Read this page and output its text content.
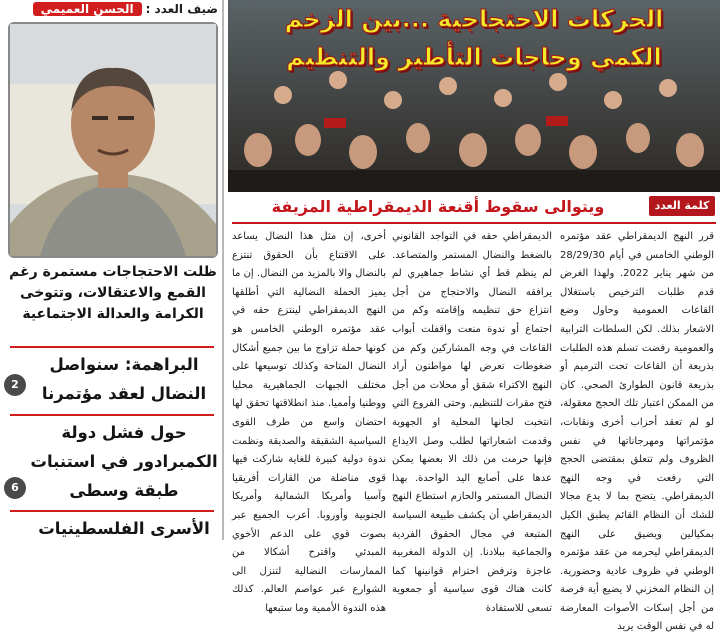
ضيف العدد :الحسن العميمي
ظلت الاحتجاجات مستمرة رغم القمع والاعتقالات، وتتوخى الكرامة والعدالة الاجتماعية
البراهمة: سنواصل النضال لعقد مؤتمرنا
2
حول فشل دولة الكمبرادور في استنبات طبقة وسطى
6
الأسرى الفلسطينيات
الحركات الاحتجاجية ...بين الزخم
الكمي وحاجات التأطير والتنظيم
كلمة العدد
ويتوالى سقوط أقنعة الديمقراطية المزيفة

قرر النهج الديمقراطي عقد مؤتمره الوطني الخامس في أيام 28/29/30 من شهر يناير 2022. ولهذا الغرض قدم طلبات الترخيص باستغلال القاعات العمومية وحاول وضع الاشعار بذلك. لكن السلطات الترابية والعمومية رفضت تسلم هذه الطلبات بذريعة أن القاعات تحت الترميم أو بذريعة قانون الطوارئ الصحي. كان من الممكن اعتبار تلك الحجج معقولة، لو لم تعقد أحزاب أخرى ونقابات، مؤتمراتها ومهرجاناتها في نفس الظروف ولم تتعلق بمقتضى الحجج التي رفعت في وجه النهج الديمقراطي. يتضح بما لا يدع مجالا للشك أن النظام القائم يطبق الكيل بمكيالين ويضيق على النهج الديمقراطي ليحرمه من عقد مؤتمره الوطني في ظروف عادية وحضورية. إن النظام المخزني لا يضيع أية فرصة من أجل إسكات الأصوات المعارضة له في نفس الوقت يريد

الديمقراطي حقه في التواجد القانوني بالضغط والنضال المستمر والمتصاعد. لم ينظم قط أي نشاط جماهيري لم يرافقه النضال والاحتجاج من أجل انتزاع حق تنظيمه وإقامته وكم من اجتماع أو ندوة منعت واقفلت أبواب القاعات في وجه المشاركين وكم من ضغوطات تعرض لها مواطنون أراد النهج الاكتراء شقق أو محلات من أجل فتح مقرات للتنظيم. وحتى الفروع التي انتخبت لجانها المحلية او الجهوية وقدمت اشعاراتها لطلب وصل الايداع فإنها حرمت من ذلك الا بعضها يمكن عدها على أصابع اليد الواحدة. بهذا النضال المستمر والحازم استطاع النهج الديمقراطي أن يكشف طبيعة السياسة المتبعة في مجال الحقوق الفردية والجماعية ببلادنا. إن الدولة المغربية عاجزة وترفض احترام قوانينها كما كانت هناك قوى سياسية أو جمعوية تسعى للاستفادة

أخرى، إن مثل هذا النضال يساعد على الاقتناع بأن الحقوق تنتزع بالنضال والا بالمزيد من النضال. إن ما يميز الحملة النضالية التي أطلقها النهج الديمقراطي لينتزع حقه في عقد مؤتمره الوطني الخامس هو كونها حملة تزاوج ما بين جميع أشكال النضال المتاحة وكذلك توسيعها على مختلف الجبهات الجماهيرية محليا ووطنيا وأمميا. منذ انطلاقتها تحقق لها احتضان واسع من طرف القوى السياسية الشقيقة والصديقة ونظمت ندوة دولية كبيرة للغاية شاركت فيها قوى مناضلة من القارات أفريقيا وآسيا وأمريكا الشمالية وأمريكا الجنوبية وأوروبا. أعرب الجميع عبر بصوت قوي على الدعم الأخوي المبدئي واقترح أشكالا من الممارسات النضالية لتنزل الى الشوارع عبر عواصم العالم. كذلك هذه الندوة الأممية وما ستبعها
